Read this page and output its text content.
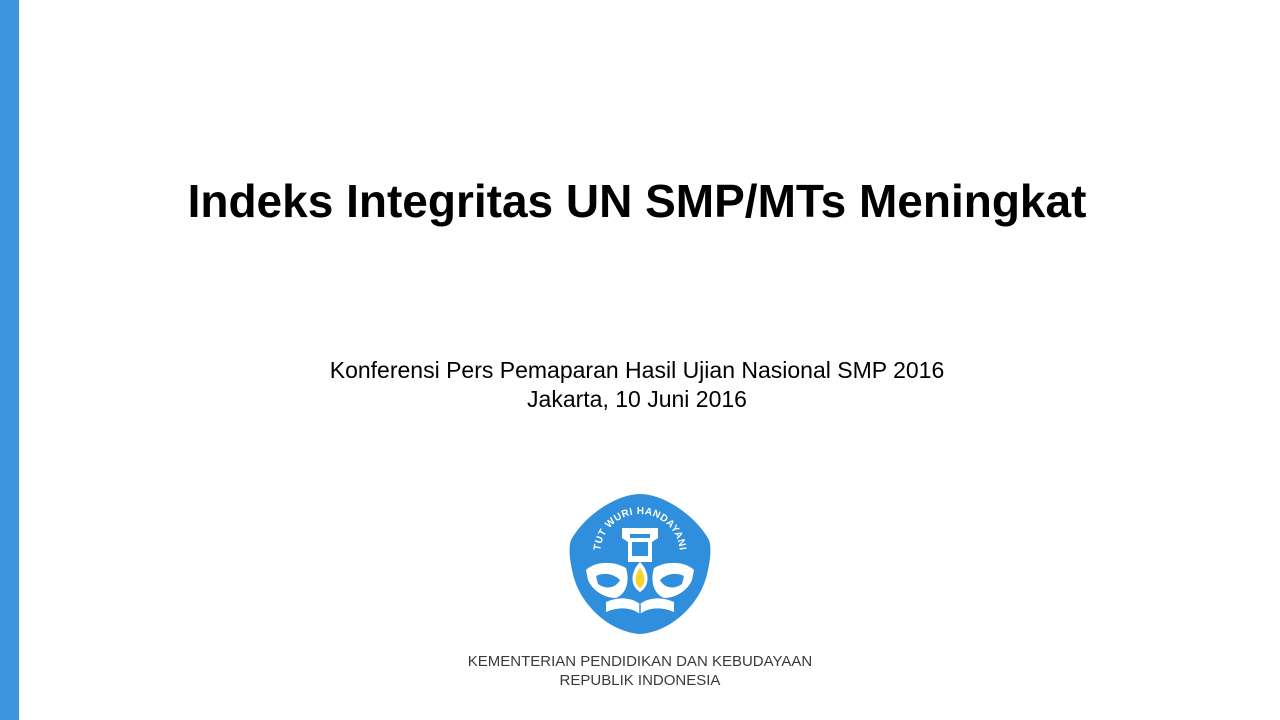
Indeks Integritas UN SMP/MTs Meningkat
Konferensi Pers Pemaparan Hasil Ujian Nasional SMP 2016
Jakarta, 10 Juni 2016
TUT WURI HANDAYANI
KEMENTERIAN PENDIDIKAN DAN KEBUDAYAAN
REPUBLIK INDONESIA
